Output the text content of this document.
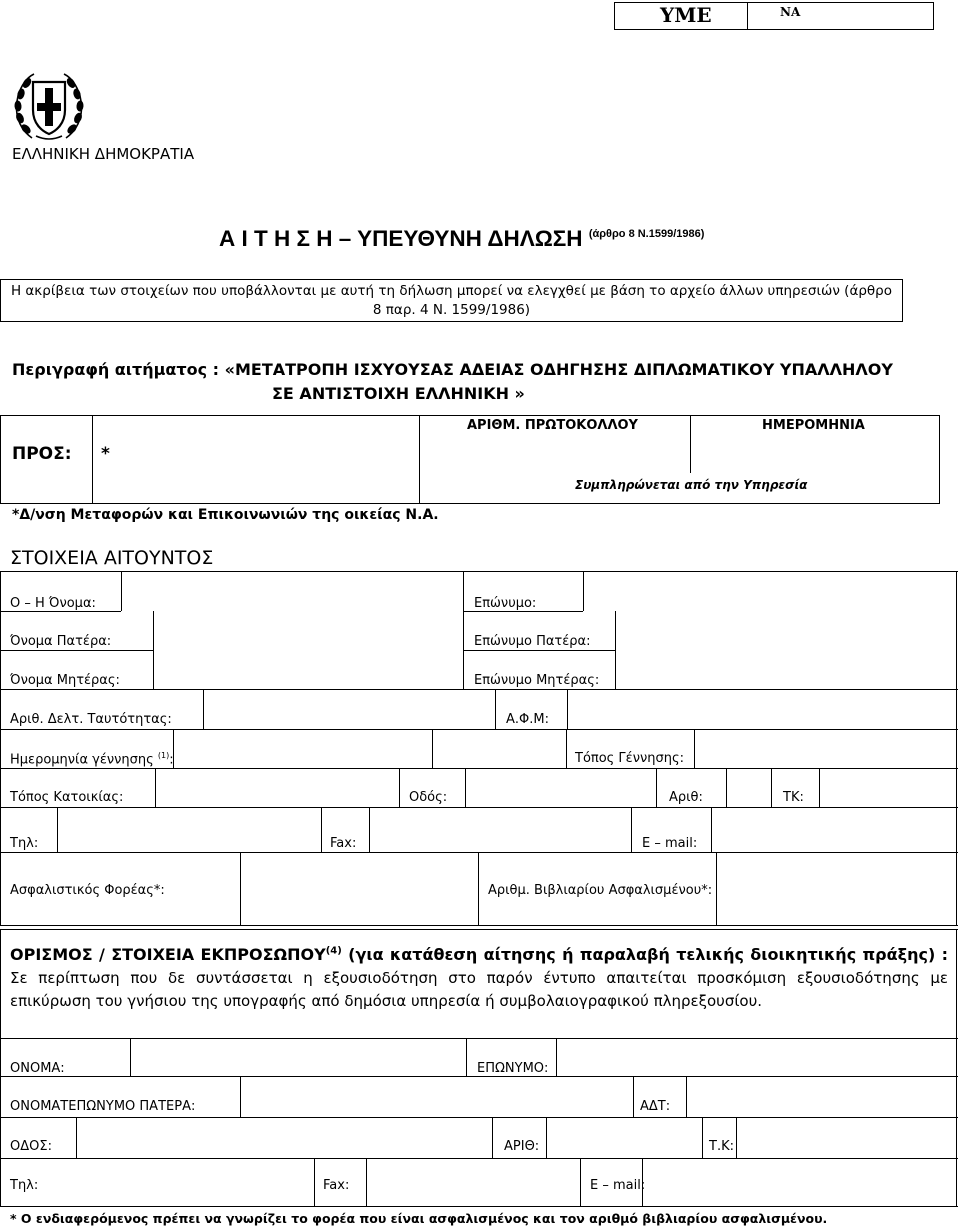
ΥΜΕ	ΝΑ
ΕΛΛΗΝΙΚΗ ΔΗΜΟΚΡΑΤΙΑ
Α Ι Τ Η Σ Η – ΥΠΕΥΘΥΝΗ ΔΗΛΩΣΗ $^{(ά\rho\theta\rho o 8 N.1599/1986)}$
Η ακρίβεια των στοιχείων που υποβάλλονται με αυτή τη δήλωση μπορεί να ελεγχθεί με βάση το αρχείο άλλων υπηρεσιών (άρθρο 8 παρ. 4 Ν. 1599/1986)
Περιγραφή αιτήματος : «ΜΕΤΑΤΡΟΠΗ ΙΣΧΥΟΥΣΑΣ ΑΔΕΙΑΣ ΟΔΗΓΗΣΗΣ ΔΙΠΛΩΜΑΤΙΚΟΥ ΥΠΑΛΛΗΛΟΥ
ΣΕ ΑΝΤΙΣΤΟΙΧΗ ΕΛΛΗΝΙΚΗ »
ΠΡΟΣ: *
ΑΡΙΘΜ. ΠΡΩΤΟΚΟΛΛΟΥ	ΗΜΕΡΟΜΗΝΙΑ
Συμπληρώνεται από την Υπηρεσία
*Δ/νση Μεταφορών και Επικοινωνιών της οικείας Ν.Α.
ΣΤΟΙΧΕΙΑ ΑΙΤΟΥΝΤΟΣ
Ο – Η Όνομα:	Επώνυμο:
Όνομα Πατέρα:	Επώνυμο Πατέρα:
Όνομα Μητέρας:	Επώνυμο Μητέρας:
Αριθ. Δελτ. Ταυτότητας:	Α.Φ.Μ:
Ημερομηνία γέννησης $^{(1)}$:	Τόπος Γέννησης:
Τόπος Κατοικίας:	Οδός:	Αριθ:	ΤΚ:
Τηλ:	Fax:	E – mail:
Ασφαλιστικός Φορέας*:	Αριθμ. Βιβλιαρίου Ασφαλισμένου*:
ΟΡΙΣΜΟΣ / ΣΤΟΙΧΕΙΑ ΕΚΠΡΟΣΩΠΟΥ$^{(4)}$ (για κατάθεση αίτησης ή παραλαβή τελικής διοικητικής πράξης) : Σε περίπτωση που δε συντάσσεται η εξουσιοδότηση στο παρόν έντυπο απαιτείται προσκόμιση εξουσιοδότησης με επικύρωση του γνήσιου της υπογραφής από δημόσια υπηρεσία ή συμβολαιογραφικού πληρεξουσίου.
ΟΝΟΜΑ:	ΕΠΩΝΥΜΟ:
ΟΝΟΜΑΤΕΠΩΝΥΜΟ ΠΑΤΕΡΑ:	ΑΔΤ:
ΟΔΟΣ:	ΑΡΙΘ:	Τ.Κ:
Τηλ:	Fax:	E – mail:
* Ο ενδιαφερόμενος πρέπει να γνωρίζει το φορέα που είναι ασφαλισμένος και τον αριθμό βιβλιαρίου ασφαλισμένου.
